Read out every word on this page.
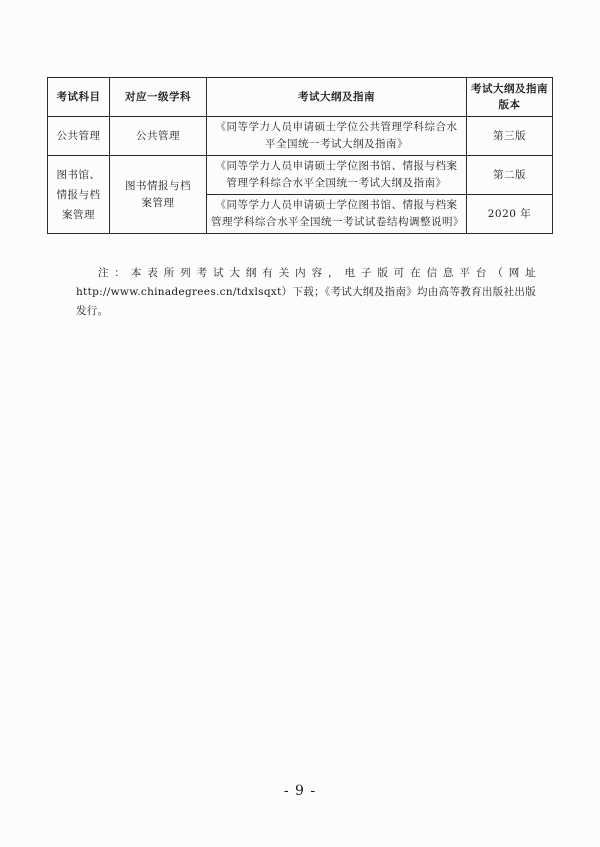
考试科目	对应一级学科	考试大纲及指南	考试大纲及指南版本
公共管理	公共管理	《同等学力人员申请硕士学位公共管理学科综合水平全国统一考试大纲及指南》	第三版
图书馆、情报与档案管理	图书情报与档案管理	《同等学力人员申请硕士学位图书馆、情报与档案管理学科综合水平全国统一考试大纲及指南》	第二版
		《同等学力人员申请硕士学位图书馆、情报与档案管理学科综合水平全国统一考试试卷结构调整说明》	2020 年
注：本表所列考试大纲有关内容，电子版可在信息平台（网址 http://www.chinadegrees.cn/tdxlsqxt）下载；《考试大纲及指南》均由高等教育出版社出版发行。
- 9 -
